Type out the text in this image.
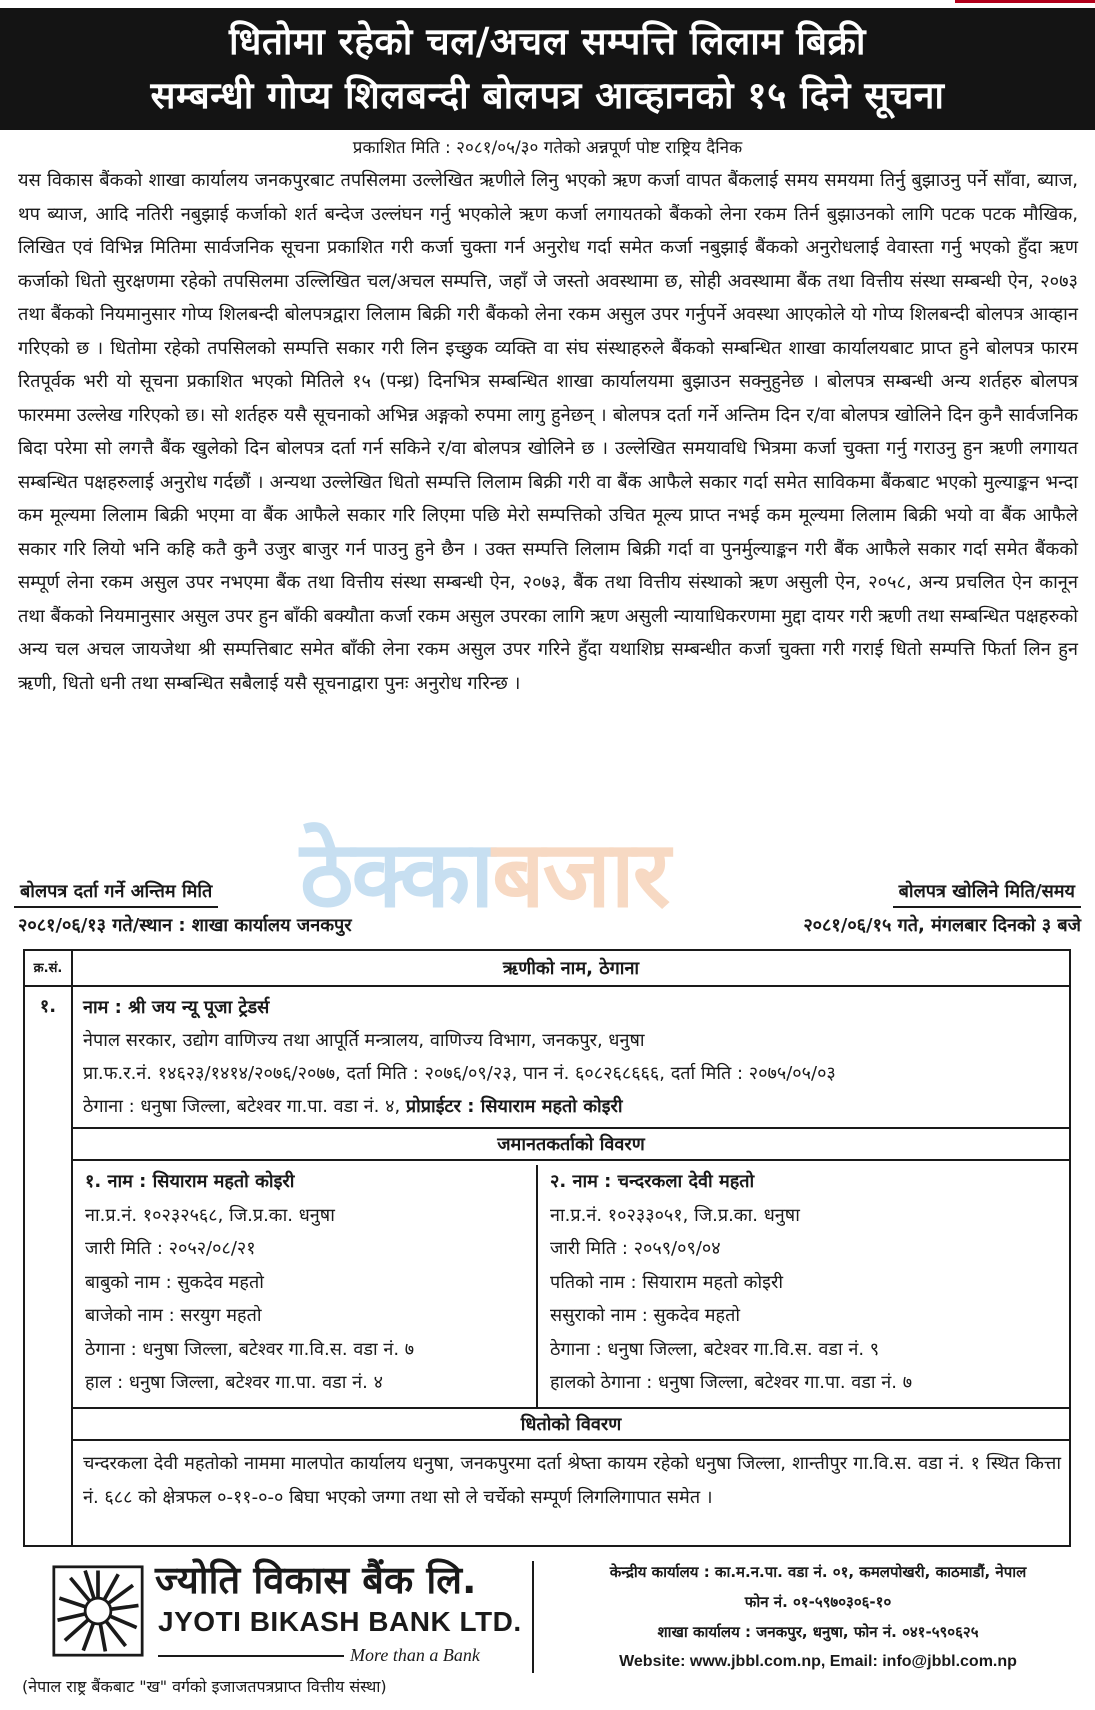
धितोमा रहेको चल/अचल सम्पत्ति लिलाम बिक्री
सम्बन्धी गोप्य शिलबन्दी बोलपत्र आव्हानको १५ दिने सूचना
प्रकाशित मिति : २०८१/०५/३० गतेको अन्नपूर्ण पोष्ट राष्ट्रिय दैनिक
यस विकास बैंकको शाखा कार्यालय जनकपुरबाट तपसिलमा उल्लेखित ऋणीले लिनु भएको ऋण कर्जा वापत बैंकलाई समय समयमा तिर्नु बुझाउनु पर्ने साँवा, ब्याज, थप ब्याज, आदि नतिरी नबुझाई कर्जाको शर्त बन्देज उल्लंघन गर्नु भएकोले ऋण कर्जा लगायतको बैंकको लेना रकम तिर्न बुझाउनको लागि पटक पटक मौखिक, लिखित एवं विभिन्न मितिमा सार्वजनिक सूचना प्रकाशित गरी कर्जा चुक्ता गर्न अनुरोध गर्दा समेत कर्जा नबुझाई बैंकको अनुरोधलाई वेवास्ता गर्नु भएको हुँदा ऋण कर्जाको धितो सुरक्षणमा रहेको तपसिलमा उल्लिखित चल/अचल सम्पत्ति, जहाँ जे जस्तो अवस्थामा छ, सोही अवस्थामा बैंक तथा वित्तीय संस्था सम्बन्धी ऐन, २०७३ तथा बैंकको नियमानुसार गोप्य शिलबन्दी बोलपत्रद्वारा लिलाम बिक्री गरी बैंकको लेना रकम असुल उपर गर्नुपर्ने अवस्था आएकोले यो गोप्य शिलबन्दी बोलपत्र आव्हान गरिएको छ । धितोमा रहेको तपसिलको सम्पत्ति सकार गरी लिन इच्छुक व्यक्ति वा संघ संस्थाहरुले बैंकको सम्बन्धित शाखा कार्यालयबाट प्राप्त हुने बोलपत्र फारम रितपूर्वक भरी यो सूचना प्रकाशित भएको मितिले १५ (पन्ध्र) दिनभित्र सम्बन्धित शाखा कार्यालयमा बुझाउन सक्नुहुनेछ । बोलपत्र सम्बन्धी अन्य शर्तहरु बोलपत्र फारममा उल्लेख गरिएको छ। सो शर्तहरु यसै सूचनाको अभिन्न अङ्गको रुपमा लागु हुनेछन् । बोलपत्र दर्ता गर्ने अन्तिम दिन र/वा बोलपत्र खोलिने दिन कुनै सार्वजनिक बिदा परेमा सो लगत्तै बैंक खुलेको दिन बोलपत्र दर्ता गर्न सकिने र/वा बोलपत्र खोलिने छ । उल्लेखित समयावधि भित्रमा कर्जा चुक्ता गर्नु गराउनु हुन ऋणी लगायत सम्बन्धित पक्षहरुलाई अनुरोध गर्दछौं । अन्यथा उल्लेखित धितो सम्पत्ति लिलाम बिक्री गरी वा बैंक आफैले सकार गर्दा समेत साविकमा बैंकबाट भएको मुल्याङ्कन भन्दा कम मूल्यमा लिलाम बिक्री भएमा वा बैंक आफैले सकार गरि लिएमा पछि मेरो सम्पत्तिको उचित मूल्य प्राप्त नभई कम मूल्यमा लिलाम बिक्री भयो वा बैंक आफैले सकार गरि लियो भनि कहि कतै कुनै उजुर बाजुर गर्न पाउनु हुने छैन । उक्त सम्पत्ति लिलाम बिक्री गर्दा वा पुनर्मुल्याङ्कन गरी बैंक आफैले सकार गर्दा समेत बैंकको सम्पूर्ण लेना रकम असुल उपर नभएमा बैंक तथा वित्तीय संस्था सम्बन्धी ऐन, २०७३, बैंक तथा वित्तीय संस्थाको ऋण असुली ऐन, २०५८, अन्य प्रचलित ऐन कानून तथा बैंकको नियमानुसार असुल उपर हुन बाँकी बक्यौता कर्जा रकम असुल उपरका लागि ऋण असुली न्यायाधिकरणमा मुद्दा दायर गरी ऋणी तथा सम्बन्धित पक्षहरुको अन्य चल अचल जायजेथा श्री सम्पत्तिबाट समेत बाँकी लेना रकम असुल उपर गरिने हुँदा यथाशिघ्र सम्बन्धीत कर्जा चुक्ता गरी गराई धितो सम्पत्ति फिर्ता लिन हुन ऋणी, धितो धनी तथा सम्बन्धित सबैलाई यसै सूचनाद्वारा पुनः अनुरोध गरिन्छ ।
ठेक्काबजार
बोलपत्र दर्ता गर्ने अन्तिम मिति	बोलपत्र खोलिने मिति/समय
२०८१/०६/१३ गते/स्थान : शाखा कार्यालय जनकपुर	२०८१/०६/१५ गते, मंगलबार दिनको ३ बजे
क्र.सं.	ऋणीको नाम, ठेगाना
१.	नाम : श्री जय न्यू पूजा ट्रेडर्स
नेपाल सरकार, उद्योग वाणिज्य तथा आपूर्ति मन्त्रालय, वाणिज्य विभाग, जनकपुर, धनुषा
प्रा.फ.र.नं. १४६२३/१४१४/२०७६/२०७७, दर्ता मिति : २०७६/०९/२३, पान नं. ६०८२६८६६६, दर्ता मिति : २०७५/०५/०३
ठेगाना : धनुषा जिल्ला, बटेश्वर गा.पा. वडा नं. ४, प्रोप्राईटर : सियाराम महतो कोइरी
जमानतकर्ताको विवरण
१. नाम : सियाराम महतो कोइरी
ना.प्र.नं. १०२३२५६८, जि.प्र.का. धनुषा
जारी मिति : २०५२/०८/२१
बाबुको नाम : सुकदेव महतो
बाजेको नाम : सरयुग महतो
ठेगाना : धनुषा जिल्ला, बटेश्वर गा.वि.स. वडा नं. ७
हाल : धनुषा जिल्ला, बटेश्वर गा.पा. वडा नं. ४
२. नाम : चन्दरकला देवी महतो
ना.प्र.नं. १०२३३०५१, जि.प्र.का. धनुषा
जारी मिति : २०५९/०९/०४
पतिको नाम : सियाराम महतो कोइरी
ससुराको नाम : सुकदेव महतो
ठेगाना : धनुषा जिल्ला, बटेश्वर गा.वि.स. वडा नं. ९
हालको ठेगाना : धनुषा जिल्ला, बटेश्वर गा.पा. वडा नं. ७
धितोको विवरण
चन्दरकला देवी महतोको नाममा मालपोत कार्यालय धनुषा, जनकपुरमा दर्ता श्रेष्ता कायम रहेको धनुषा जिल्ला, शान्तीपुर गा.वि.स. वडा नं. १ स्थित कित्ता नं. ६८८ को क्षेत्रफल ०-११-०-० बिघा भएको जग्गा तथा सो ले चर्चेको सम्पूर्ण लिगलिगापात समेत ।
ज्योति विकास बैंक लि.
JYOTI BIKASH BANK LTD.
More than a Bank
(नेपाल राष्ट्र बैंकबाट "ख" वर्गको इजाजतपत्रप्राप्त वित्तीय संस्था)
केन्द्रीय कार्यालय : का.म.न.पा. वडा नं. ०१, कमलपोखरी, काठमाडौं, नेपाल
फोन नं. ०१-५९७०३०६-१०
शाखा कार्यालय : जनकपुर, धनुषा, फोन नं. ०४१-५९०६२५
Website: www.jbbl.com.np, Email: info@jbbl.com.np
